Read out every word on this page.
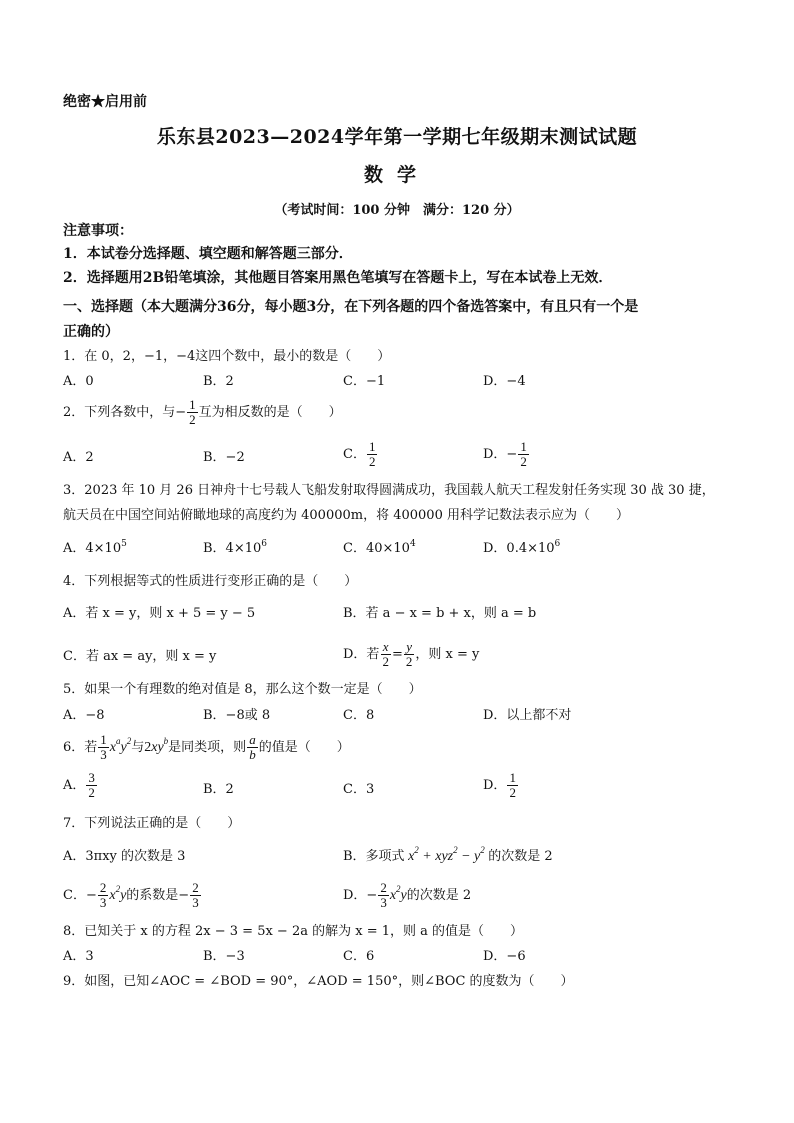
绝密★启用前
乐东县2023—2024学年第一学期七年级期末测试试题
数学
（考试时间：100 分钟　满分：120 分）
注意事项：
1．本试卷分选择题、填空题和解答题三部分．
2．选择题用2B铅笔填涂，其他题目答案用黑色笔填写在答题卡上，写在本试卷上无效．
一、选择题（本大题满分36分，每小题3分，在下列各题的四个备选答案中，有且只有一个是
正确的）
1．在 0，2，−1，−4这四个数中，最小的数是（　　）
A．0	B．2	C．−1	D．−4
2．下列各数中，与− $\frac{1}{2}$ 互为相反数的是（　　）
A．2	B．−2	C． $\frac{1}{2}$	D．− $\frac{1}{2}$
3．2023 年 10 月 26 日神舟十七号载人飞船发射取得圆满成功，我国载人航天工程发射任务实现 30 战 30 捷，
航天员在中国空间站俯瞰地球的高度约为 400000m，将 400000 用科学记数法表示应为（　　）
A．$4\times 10^5$	B．$4\times 10^6$	C．$40\times 10^4$	D．$0.4\times 10^6$
4．下列根据等式的性质进行变形正确的是（　　）
A．若 x = y，则 x + 5 = y − 5	B．若 a − x = b + x，则 a = b
C．若 ax = ay，则 x = y	D．若 $\frac{x}{2} = \frac{y}{2}$ ，则 x = y
5．如果一个有理数的绝对值是 8，那么这个数一定是（　　）
A．−8	B．−8或 8	C．8	D．以上都不对
6．若 $\frac{1}{3} x^ay^2$与$2xy^b$是同类项，则 $\frac{a}{b}$ 的值是（　　）
A． $\frac{3}{2}$	B．2	C．3	D． $\frac{1}{2}$
7．下列说法正确的是（　　）
A．3πxy 的次数是 3	B．多项式 $x^2 + xyz^2 - y^2$ 的次数是 2
C．− $\frac{2}{3} x^2y$的系数是− $\frac{2}{3}$	D．− $\frac{2}{3} x^2y$的次数是 2
8．已知关于 x 的方程 2x − 3 = 5x − 2a 的解为 x = 1，则 a 的值是（　　）
A．3	B．−3	C．6	D．−6
9．如图，已知∠AOC = ∠BOD = 90°，∠AOD = 150°，则∠BOC 的度数为（　　）
